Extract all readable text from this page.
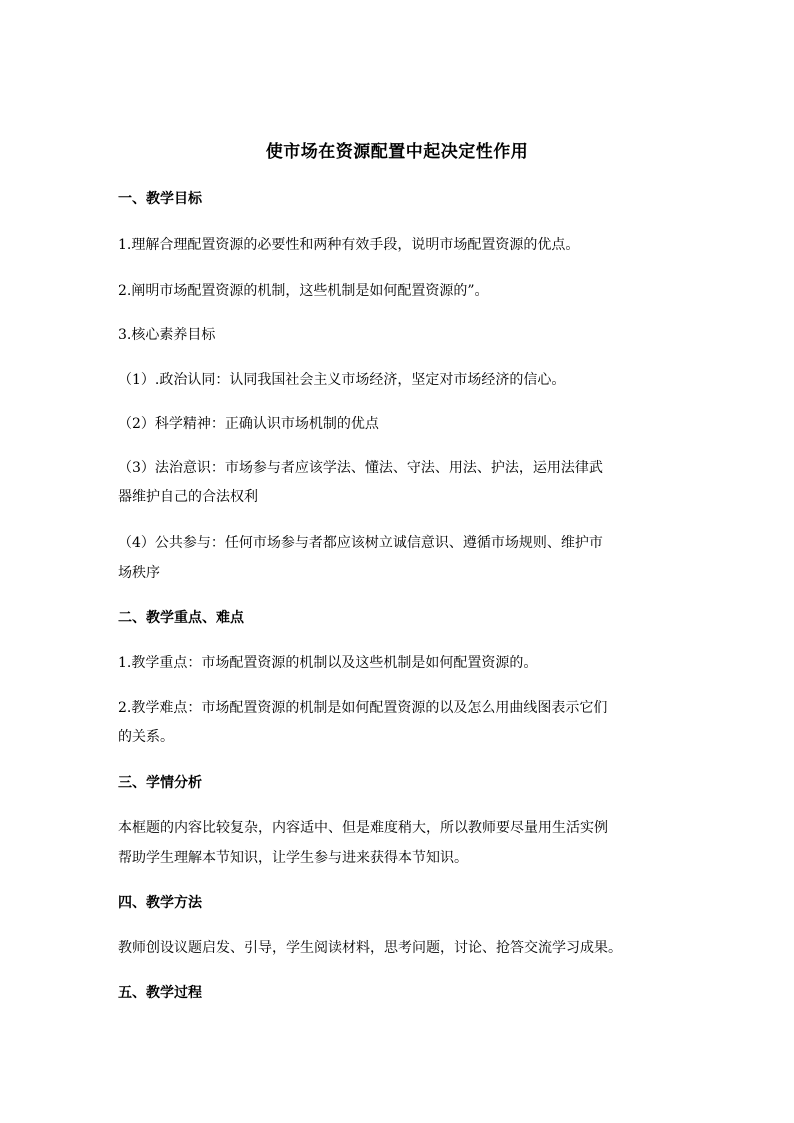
使市场在资源配置中起决定性作用
一、教学目标
1.理解合理配置资源的必要性和两种有效手段，说明市场配置资源的优点。
2.阐明市场配置资源的机制，这些机制是如何配置资源的”。
3.核心素养目标
（1）.政治认同：认同我国社会主义市场经济，坚定对市场经济的信心。
（2）科学精神：正确认识市场机制的优点
（3）法治意识：市场参与者应该学法、懂法、守法、用法、护法，运用法律武
器维护自己的合法权利
（4）公共参与：任何市场参与者都应该树立诚信意识、遵循市场规则、维护市
场秩序
二、教学重点、难点
1.教学重点：市场配置资源的机制以及这些机制是如何配置资源的。
2.教学难点：市场配置资源的机制是如何配置资源的以及怎么用曲线图表示它们
的关系。
三、学情分析
本框题的内容比较复杂，内容适中、但是难度稍大，所以教师要尽量用生活实例
帮助学生理解本节知识，让学生参与进来获得本节知识。
四、教学方法
教师创设议题启发、引导，学生阅读材料，思考问题，讨论、抢答交流学习成果。
五、教学过程
